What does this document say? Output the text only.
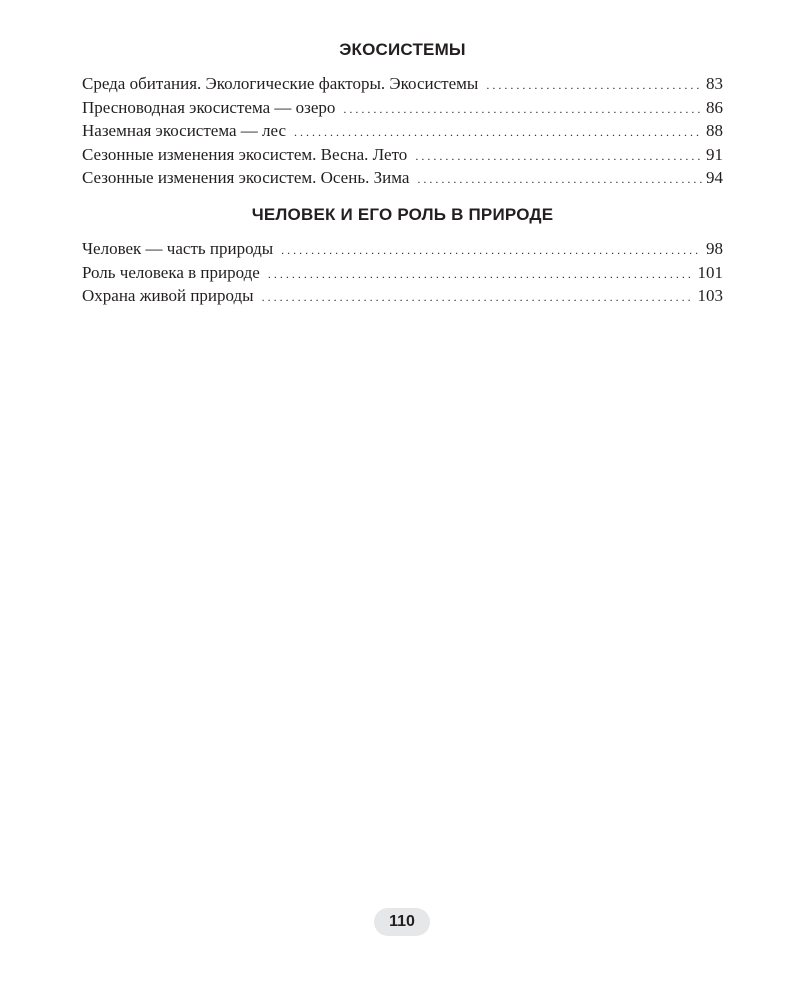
ЭКОСИСТЕМЫ
Среда обитания. Экологические факторы. Экосистемы . . .	83
Пресноводная экосистема — озеро . . .	86
Наземная экосистема — лес . . .	88
Сезонные изменения экосистем. Весна. Лето . . .	91
Сезонные изменения экосистем. Осень. Зима . . .	94
ЧЕЛОВЕК И ЕГО РОЛЬ В ПРИРОДЕ
Человек — часть природы . . .	98
Роль человека в природе . . .	101
Охрана живой природы . . .	103
110
